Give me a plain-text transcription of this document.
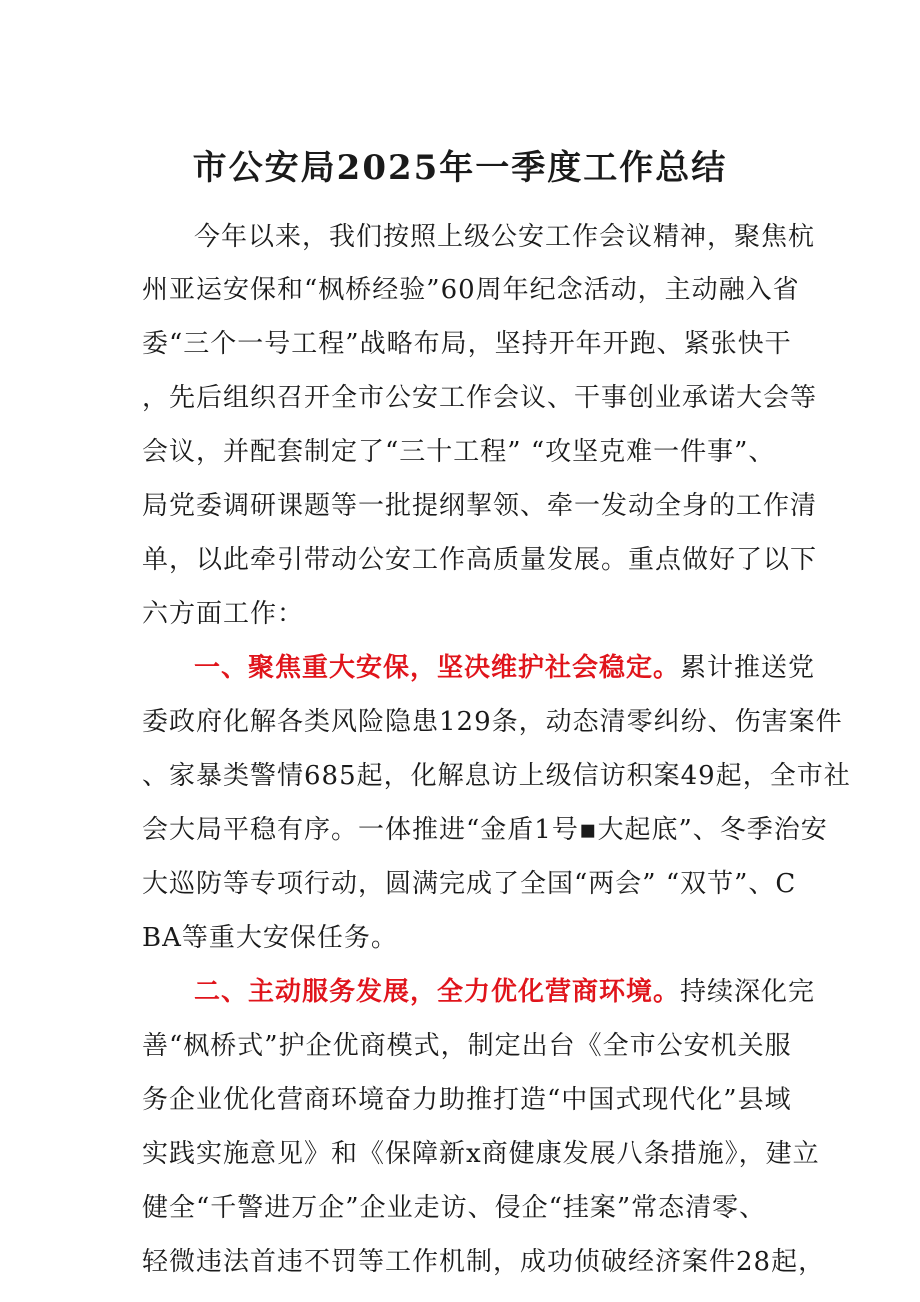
市公安局2025年一季度工作总结
今年以来，我们按照上级公安工作会议精神，聚焦杭
州亚运安保和“枫桥经验”60周年纪念活动，主动融入省
委“三个一号工程”战略布局，坚持开年开跑、紧张快干
，先后组织召开全市公安工作会议、干事创业承诺大会等
会议，并配套制定了“三十工程” “攻坚克难一件事”、
局党委调研课题等一批提纲挈领、牵一发动全身的工作清
单，以此牵引带动公安工作高质量发展。重点做好了以下
六方面工作：
一、聚焦重大安保，坚决维护社会稳定。累计推送党
委政府化解各类风险隐患129条，动态清零纠纷、伤害案件
、家暴类警情685起，化解息访上级信访积案49起，全市社
会大局平稳有序。一体推进“金盾1号▪大起底”、冬季治安
大巡防等专项行动，圆满完成了全国“两会” “双节”、C
BA等重大安保任务。
二、主动服务发展，全力优化营商环境。持续深化完
善“枫桥式”护企优商模式，制定出台《全市公安机关服
务企业优化营商环境奋力助推打造“中国式现代化”县域
实践实施意见》和《保障新x商健康发展八条措施》，建立
健全“千警进万企”企业走访、侵企“挂案”常态清零、
轻微违法首违不罚等工作机制，成功侦破经济案件28起，
